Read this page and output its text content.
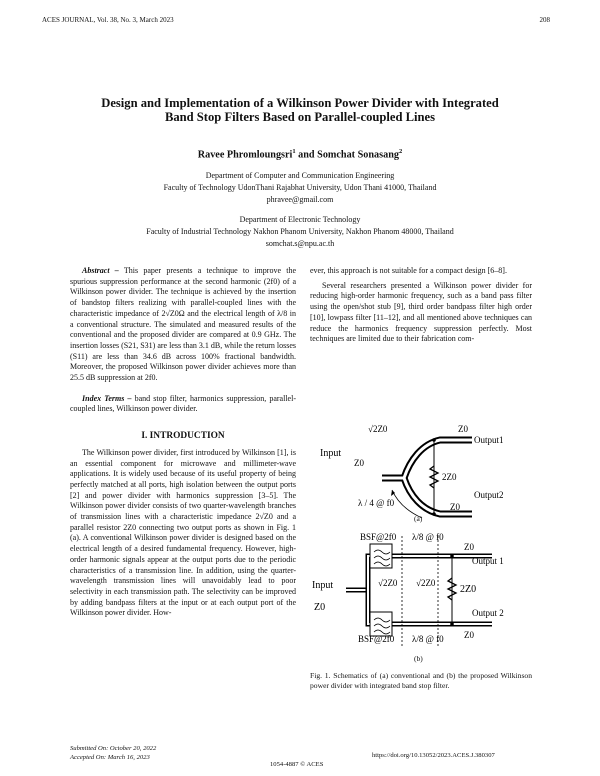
ACES JOURNAL, Vol. 38, No. 3, March 2023	208
Design and Implementation of a Wilkinson Power Divider with Integrated
Band Stop Filters Based on Parallel-coupled Lines
Ravee Phromloungsri$^1$ and Somchat Sonasang$^2$
Department of Computer and Communication Engineering
Faculty of Technology UdonThani Rajabhat University, Udon Thani 41000, Thailand
phravee@gmail.com
Department of Electronic Technology
Faculty of Industrial Technology Nakhon Phanom University, Nakhon Phanom 48000, Thailand
somchat.s@npu.ac.th

Abstract – This paper presents a technique to improve the spurious suppression performance at the second harmonic (2f0) of a Wilkinson power divider. The technique is achieved by the insertion of bandstop filters realizing with parallel-coupled lines with the characteristic impedance of 2√Z0Ω and the electrical length of λ/8 in a conventional structure. The simulated and measured results of the conventional and the proposed divider are compared at 0.9 GHz. The insertion losses (S21, S31) are less than 3.1 dB, while the return losses (S11) are less than 34.6 dB across 100% fractional bandwidth. Moreover, the proposed Wilkinson power divider achieves more than 25.5 dB suppression at 2f0.

Index Terms – band stop filter, harmonics suppression, parallel-coupled lines, Wilkinson power divider.

I. INTRODUCTION

The Wilkinson power divider, first introduced by Wilkinson [1], is an essential component for microwave and millimeter-wave applications. It is widely used because of its useful property of being perfectly matched at all ports, high isolation between the output ports [2] and power divider with harmonics suppression [3–5]. The Wilkinson power divider consists of two quarter-wavelength branches of transmission lines with a characteristic impedance 2√Z0 and a parallel resistor 2Z0 connecting two output ports as shown in Fig. 1 (a). A conventional Wilkinson power divider is designed based on the electrical length of a desired fundamental frequency. However, high-order harmonic signals appear at the output ports due to the periodic characteristics of a transmission line. In addition, using the quarter-wavelength transmission lines will unavoidably lead to poor selectivity in each transmission path. The selectivity can be improved by adding bandpass filters at the input or at each output port of the Wilkinson power divider. How-

ever, this approach is not suitable for a compact design [6–8].

Several researchers presented a Wilkinson power divider for reducing high-order harmonic frequency, such as a band pass filter using the open/shot stub [9], third order bandpass filter high order [10], lowpass filter [11–12], and all mentioned above techniques can reduce the harmonics frequency suppression perfectly. Most techniques are limited due to their fabrication com-

√2Z0	Z0
Output1
Input
Z0
2Z0
Output2
λ / 4 @ f0	Z0
(a)
BSF@2f0 λ/8 @ f0
Z0
Output 1
Input
Z0
√2Z0 √2Z0
2Z0
Output 2
BSF@2f0 λ/8 @ f0 Z0
(b)
Fig. 1. Schematics of (a) conventional and (b) the proposed Wilkinson power divider with integrated band stop filter.
Submitted On: October 20, 2022
Accepted On: March 16, 2023	https://doi.org/10.13052/2023.ACES.J.380307
1054-4887 © ACES
